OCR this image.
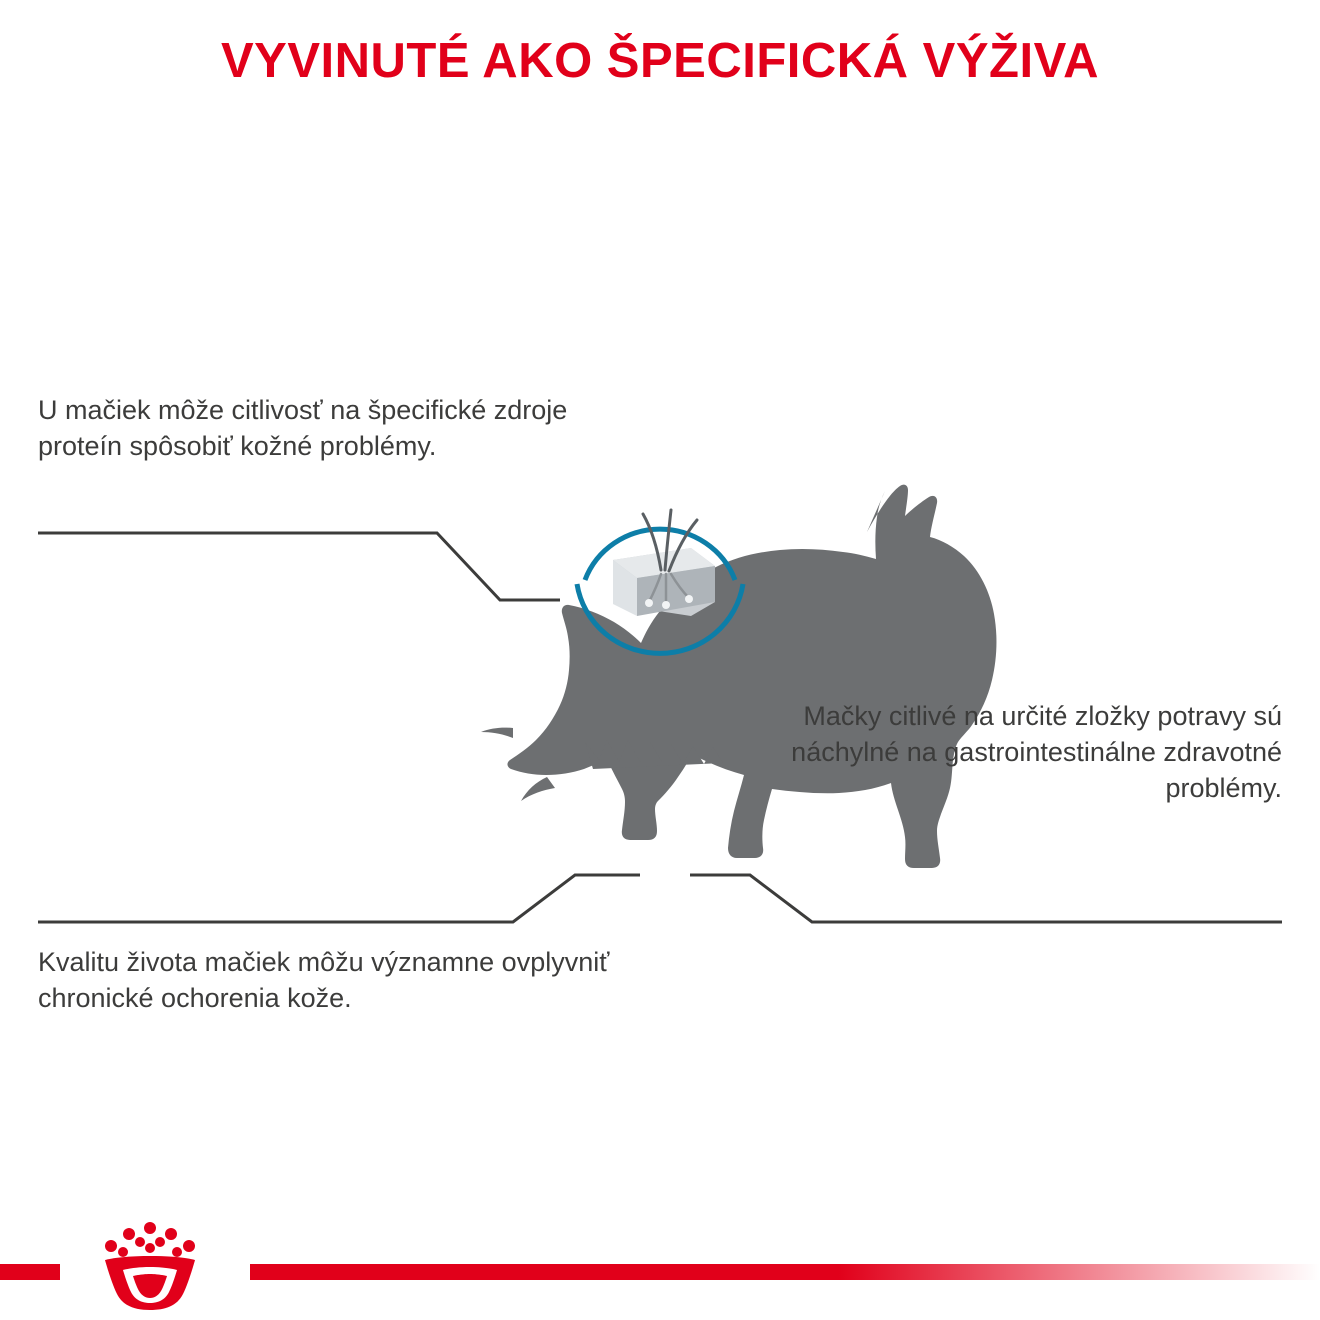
VYVINUTÉ AKO ŠPECIFICKÁ VÝŽIVA
U mačiek môže citlivosť na špecifické zdroje proteín spôsobiť kožné problémy.
Mačky citlivé na určité zložky potravy sú náchylné na gastrointestinálne zdravotné problémy.
Kvalitu života mačiek môžu významne ovplyvniť chronické ochorenia kože.
